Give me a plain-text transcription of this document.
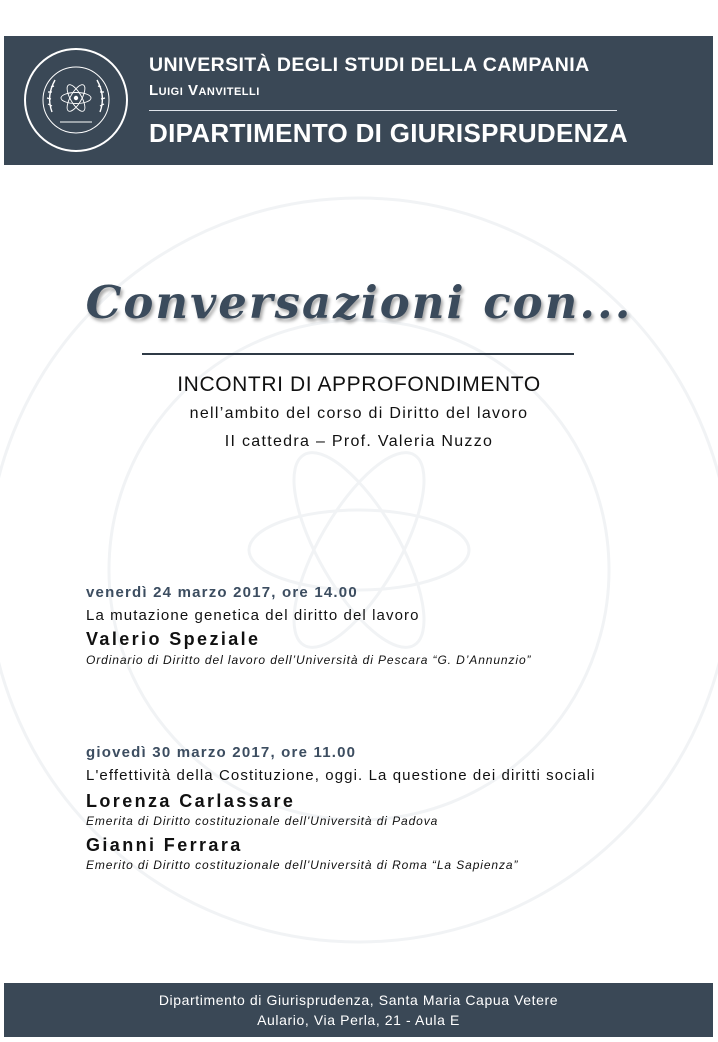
UNIVERSITÀ DEGLI STUDI DELLA CAMPANIA
Luigi Vanvitelli
DIPARTIMENTO DI GIURISPRUDENZA
Conversazioni con...
INCONTRI DI APPROFONDIMENTO
nell’ambito del corso di Diritto del lavoro
II cattedra – Prof. Valeria Nuzzo
venerdì 24 marzo 2017, ore 14.00
La mutazione genetica del diritto del lavoro
Valerio Speziale
Ordinario di Diritto del lavoro dell’Università di Pescara “G. D’Annunzio”
giovedì 30 marzo 2017, ore 11.00
L'effettività della Costituzione, oggi. La questione dei diritti sociali
Lorenza Carlassare
Emerita di Diritto costituzionale dell'Università di Padova
Gianni Ferrara
Emerito di Diritto costituzionale dell'Università di Roma “La Sapienza”
Dipartimento di Giurisprudenza, Santa Maria Capua Vetere
Aulario, Via Perla, 21 - Aula E
